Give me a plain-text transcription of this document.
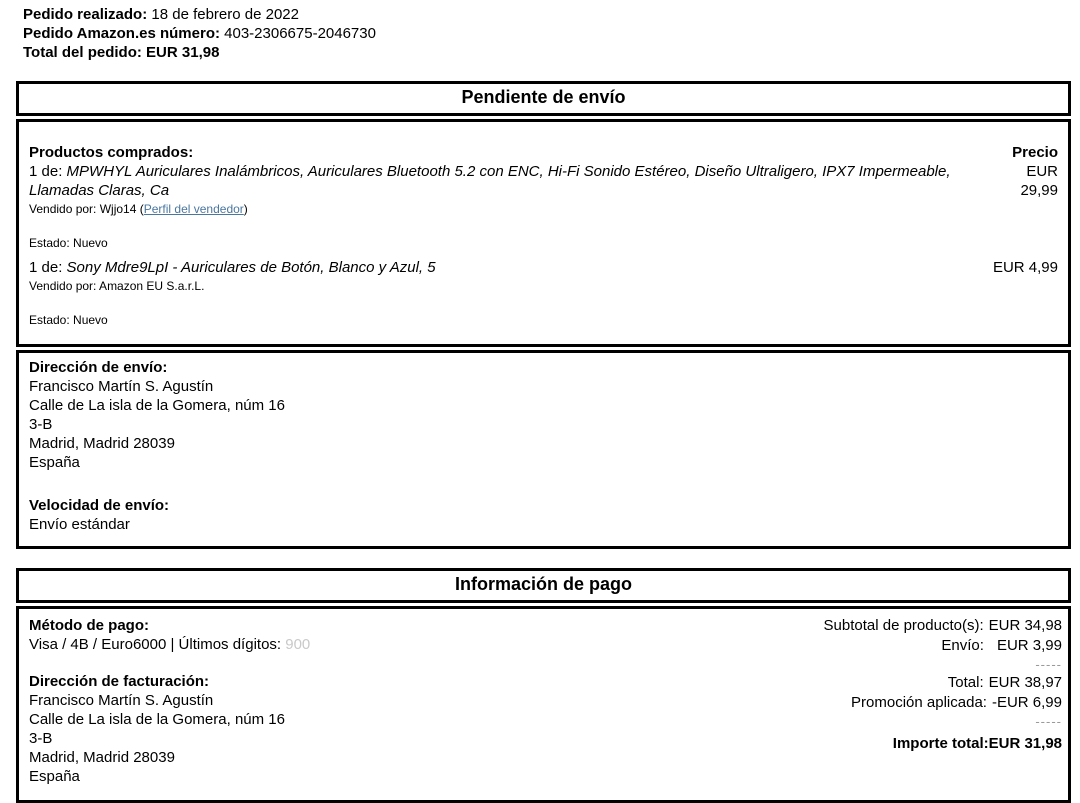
Pedido realizado: 18 de febrero de 2022
Pedido Amazon.es número: 403-2306675-2046730
Total del pedido: EUR 31,98
Pendiente de envío
Productos comprados:	Precio
1 de: MPWHYL Auriculares Inalámbricos, Auriculares Bluetooth 5.2 con ENC, Hi-Fi Sonido Estéreo, Diseño Ultraligero, IPX7 Impermeable, Llamadas Claras, Ca
EUR
29,99
Vendido por: Wjjo14 (Perfil del vendedor)
Estado: Nuevo
1 de: Sony Mdre9LpI - Auriculares de Botón, Blanco y Azul, 5	EUR 4,99
Vendido por: Amazon EU S.a.r.L.
Estado: Nuevo
Dirección de envío:
Francisco Martín S. Agustín
Calle de La isla de la Gomera, núm 16
3-B
Madrid, Madrid 28039
España
Velocidad de envío:
Envío estándar
Información de pago
Método de pago:
Visa / 4B / Euro6000 | Últimos dígitos: 900
Dirección de facturación:
Francisco Martín S. Agustín
Calle de La isla de la Gomera, núm 16
3-B
Madrid, Madrid 28039
España
Subtotal de producto(s): EUR 34,98
Envío: EUR 3,99
-----
Total: EUR 38,97
Promoción aplicada: -EUR 6,99
-----
Importe total:EUR 31,98
